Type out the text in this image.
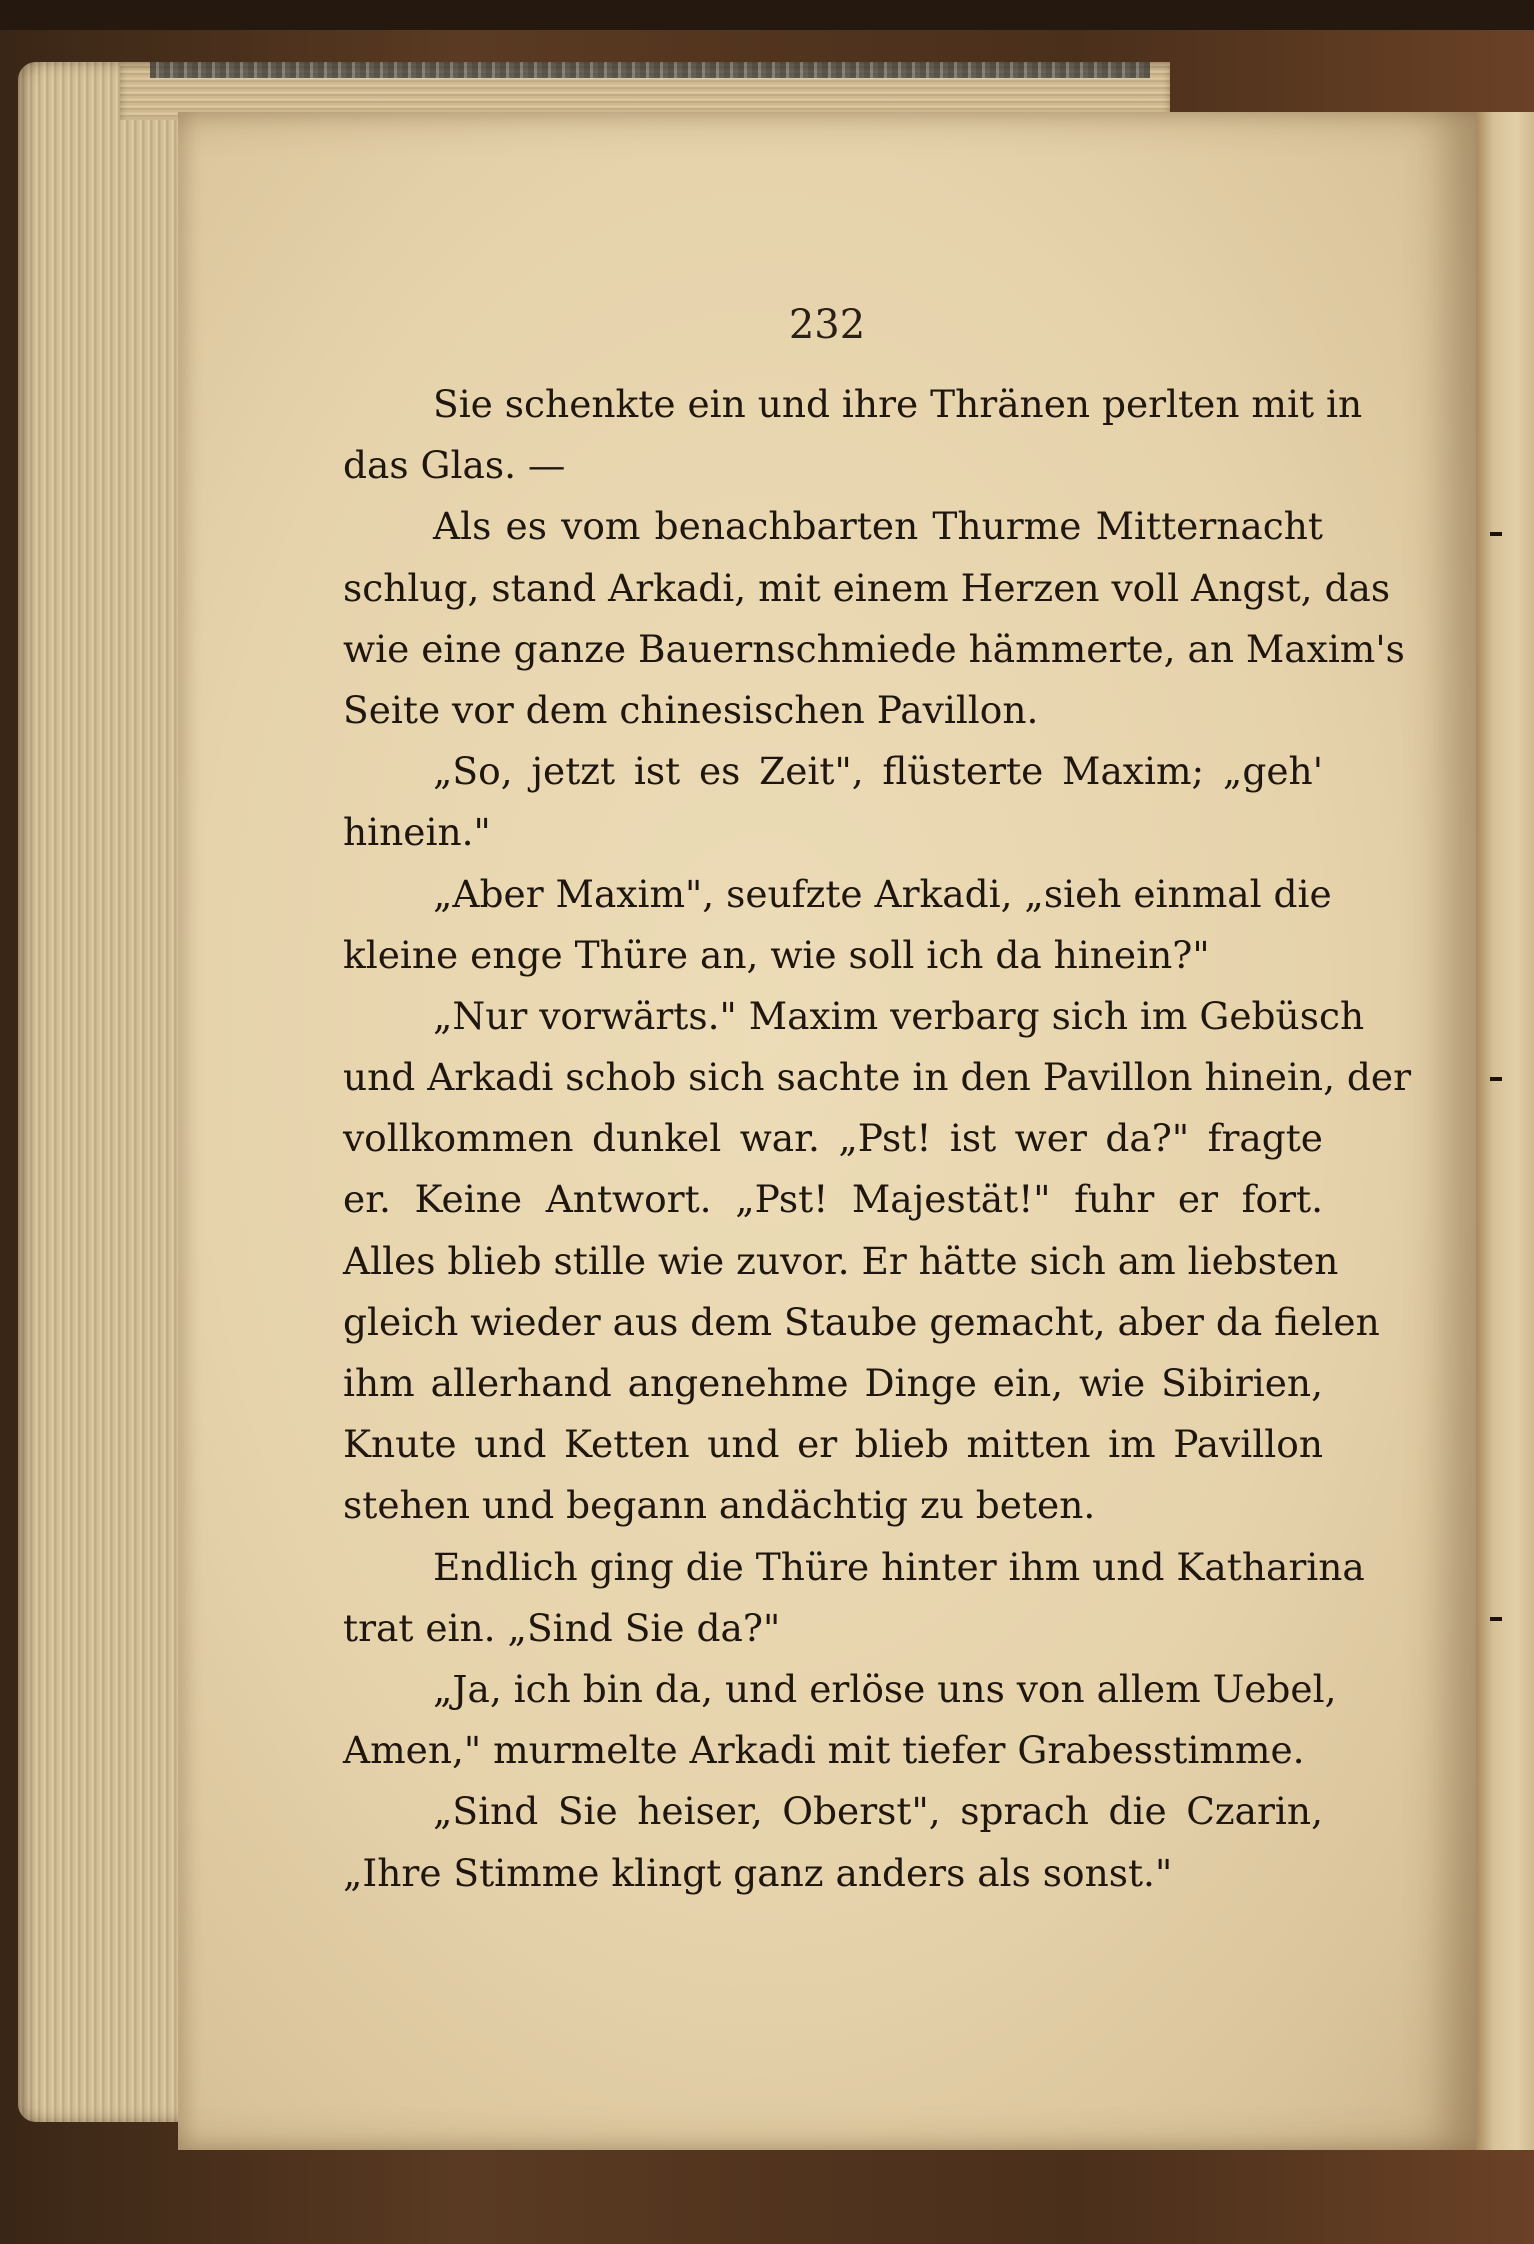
232
Sie schenkte ein und ihre Thränen perlten mit in
das Glas. —
Als es vom benachbarten Thurme Mitternacht
schlug, stand Arkadi, mit einem Herzen voll Angst, das
wie eine ganze Bauernschmiede hämmerte, an Maxim's
Seite vor dem chinesischen Pavillon.
„So, jetzt ist es Zeit", flüsterte Maxim; „geh'
hinein."
„Aber Maxim", seufzte Arkadi, „sieh einmal die
kleine enge Thüre an, wie soll ich da hinein?"
„Nur vorwärts." Maxim verbarg sich im Gebüsch
und Arkadi schob sich sachte in den Pavillon hinein, der
vollkommen dunkel war. „Pst! ist wer da?" fragte
er. Keine Antwort. „Pst! Majestät!" fuhr er fort.
Alles blieb stille wie zuvor. Er hätte sich am liebsten
gleich wieder aus dem Staube gemacht, aber da fielen
ihm allerhand angenehme Dinge ein, wie Sibirien,
Knute und Ketten und er blieb mitten im Pavillon
stehen und begann andächtig zu beten.
Endlich ging die Thüre hinter ihm und Katharina
trat ein. „Sind Sie da?"
„Ja, ich bin da, und erlöse uns von allem Uebel,
Amen," murmelte Arkadi mit tiefer Grabesstimme.
„Sind Sie heiser, Oberst", sprach die Czarin,
„Ihre Stimme klingt ganz anders als sonst."
